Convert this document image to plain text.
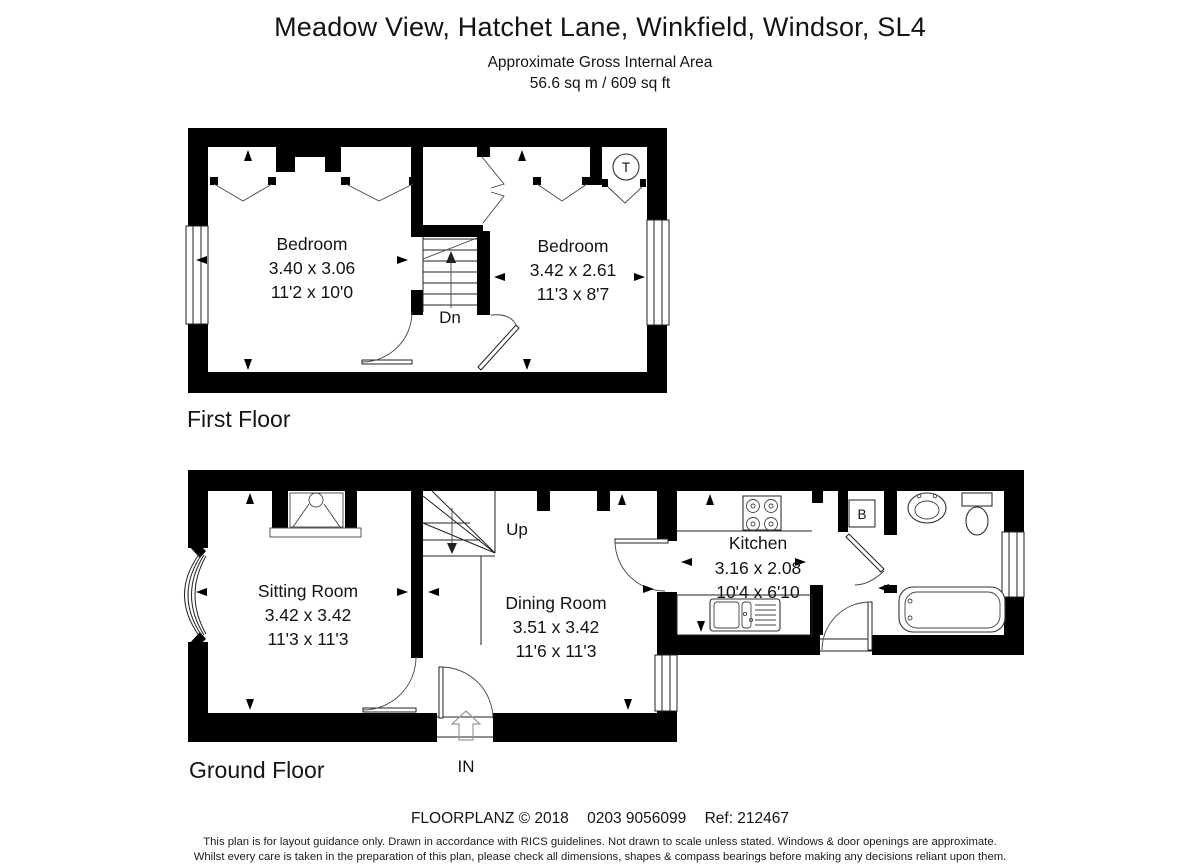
Meadow View, Hatchet Lane, Winkfield, Windsor, SL4
Approximate Gross Internal Area
56.6 sq m / 609 sq ft
T
Bedroom
3.40 x 3.06
11'2 x 10'0
Bedroom
3.42 x 2.61
11'3 x 8'7
Dn
First Floor
B
Sitting Room
3.42 x 3.42
11'3 x 11'3
Dining Room
3.51 x 3.42
11'6 x 11'3
Kitchen
3.16 x 2.08
10'4 x 6'10
Up
IN
Ground Floor
FLOORPLANZ © 2018 0203 9056099 Ref: 212467
This plan is for layout guidance only. Drawn in accordance with RICS guidelines. Not drawn to scale unless stated. Windows & door openings are approximate.
Whilst every care is taken in the preparation of this plan, please check all dimensions, shapes & compass bearings before making any decisions reliant upon them.
